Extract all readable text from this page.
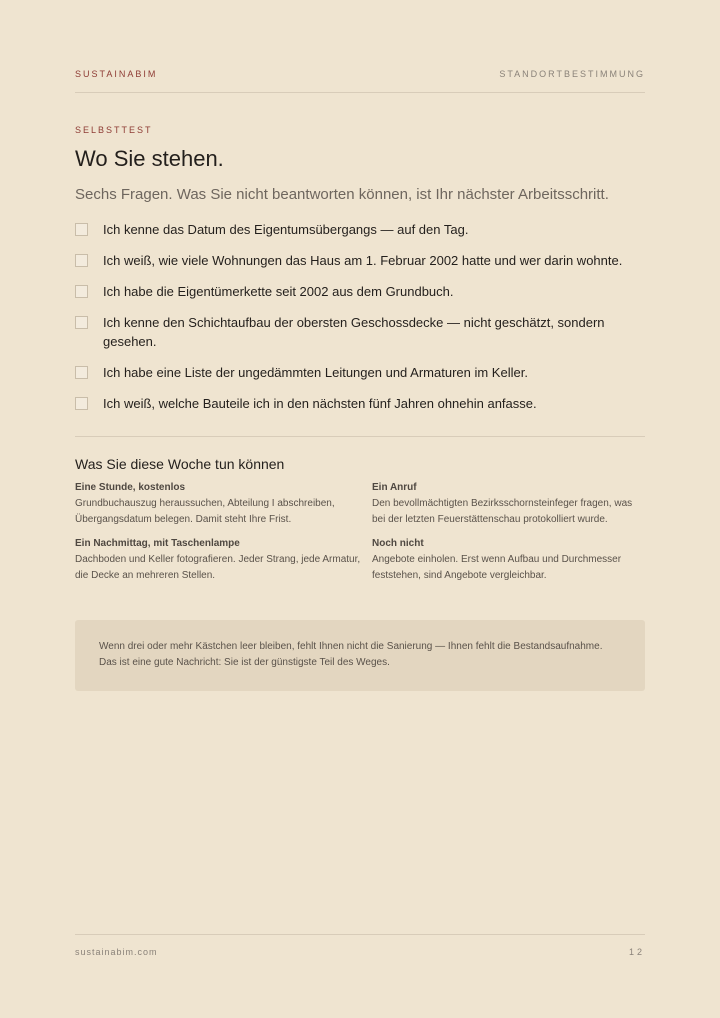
SUSTAINABIM	STANDORTBESTIMMUNG
SELBSTTEST
Wo Sie stehen.
Sechs Fragen. Was Sie nicht beantworten können, ist Ihr nächster Arbeitsschritt.
Ich kenne das Datum des Eigentumsübergangs — auf den Tag.
Ich weiß, wie viele Wohnungen das Haus am 1. Februar 2002 hatte und wer darin wohnte.
Ich habe die Eigentümerkette seit 2002 aus dem Grundbuch.
Ich kenne den Schichtaufbau der obersten Geschossdecke — nicht geschätzt, sondern gesehen.
Ich habe eine Liste der ungedämmten Leitungen und Armaturen im Keller.
Ich weiß, welche Bauteile ich in den nächsten fünf Jahren ohnehin anfasse.
Was Sie diese Woche tun können
Eine Stunde, kostenlos
Grundbuchauszug heraussuchen, Abteilung I abschreiben, Übergangsdatum belegen. Damit steht Ihre Frist.
Ein Anruf
Den bevollmächtigten Bezirksschornsteinfeger fragen, was bei der letzten Feuerstättenschau protokolliert wurde.
Ein Nachmittag, mit Taschenlampe
Dachboden und Keller fotografieren. Jeder Strang, jede Armatur, die Decke an mehreren Stellen.
Noch nicht
Angebote einholen. Erst wenn Aufbau und Durchmesser feststehen, sind Angebote vergleichbar.
Wenn drei oder mehr Kästchen leer bleiben, fehlt Ihnen nicht die Sanierung — Ihnen fehlt die Bestandsaufnahme. Das ist eine gute Nachricht: Sie ist der günstigste Teil des Weges.
sustainabim.com	12
